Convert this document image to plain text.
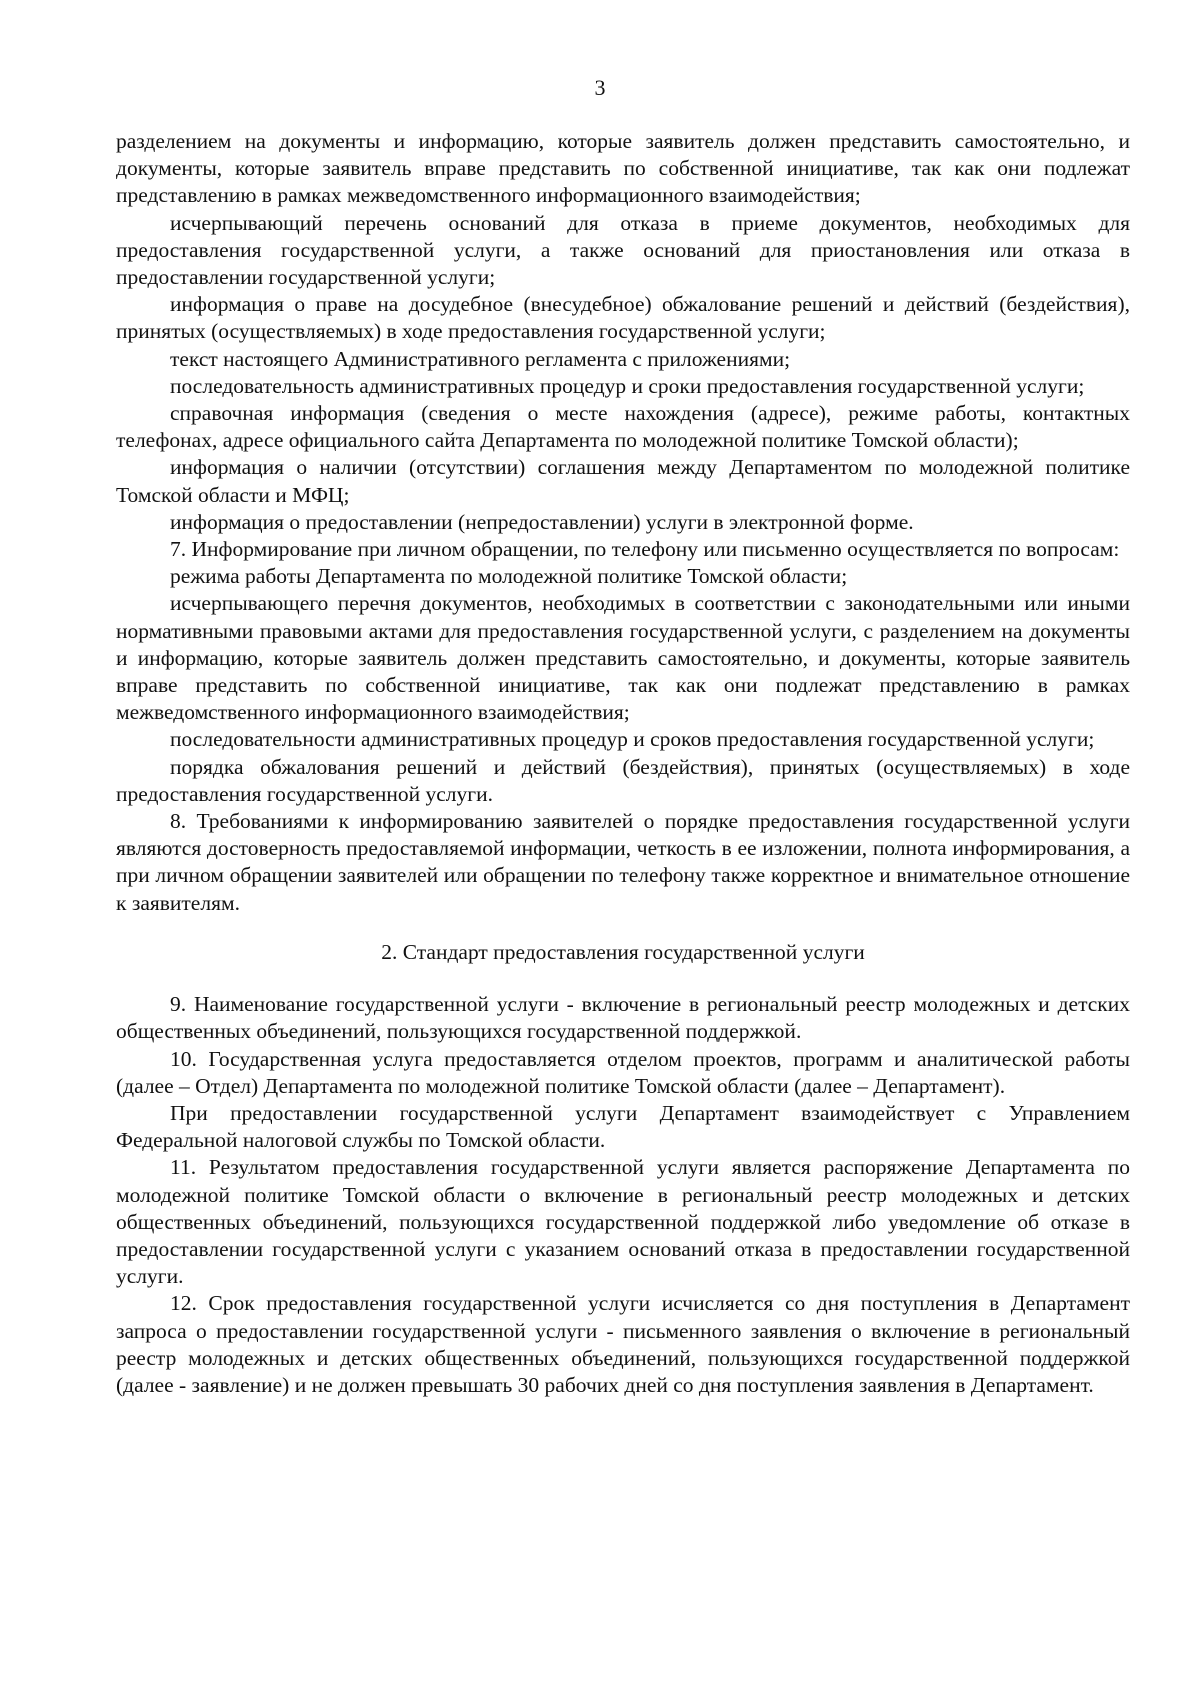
3

разделением на документы и информацию, которые заявитель должен представить самостоятельно, и документы, которые заявитель вправе представить по собственной инициативе, так как они подлежат представлению в рамках межведомственного информационного взаимодействия;

исчерпывающий перечень оснований для отказа в приеме документов, необходимых для предоставления государственной услуги, а также оснований для приостановления или отказа в предоставлении государственной услуги;

информация о праве на досудебное (внесудебное) обжалование решений и действий (бездействия), принятых (осуществляемых) в ходе предоставления государственной услуги;

текст настоящего Административного регламента с приложениями;

последовательность административных процедур и сроки предоставления государственной услуги;

справочная информация (сведения о месте нахождения (адресе), режиме работы, контактных телефонах, адресе официального сайта Департамента по молодежной политике Томской области);

информация о наличии (отсутствии) соглашения между Департаментом по молодежной политике Томской области и МФЦ;

информация о предоставлении (непредоставлении) услуги в электронной форме.

7. Информирование при личном обращении, по телефону или письменно осуществляется по вопросам:

режима работы Департамента по молодежной политике Томской области;

исчерпывающего перечня документов, необходимых в соответствии с законодательными или иными нормативными правовыми актами для предоставления государственной услуги, с разделением на документы и информацию, которые заявитель должен представить самостоятельно, и документы, которые заявитель вправе представить по собственной инициативе, так как они подлежат представлению в рамках межведомственного информационного взаимодействия;

последовательности административных процедур и сроков предоставления государственной услуги;

порядка обжалования решений и действий (бездействия), принятых (осуществляемых) в ходе предоставления государственной услуги.

8. Требованиями к информированию заявителей о порядке предоставления государственной услуги являются достоверность предоставляемой информации, четкость в ее изложении, полнота информирования, а при личном обращении заявителей или обращении по телефону также корректное и внимательное отношение к заявителям.

2. Стандарт предоставления государственной услуги

9. Наименование государственной услуги - включение в региональный реестр молодежных и детских общественных объединений, пользующихся государственной поддержкой.

10. Государственная услуга предоставляется отделом проектов, программ и аналитической работы (далее – Отдел) Департамента по молодежной политике Томской области (далее – Департамент).

При предоставлении государственной услуги Департамент взаимодействует с Управлением Федеральной налоговой службы по Томской области.

11. Результатом предоставления государственной услуги является распоряжение Департамента по молодежной политике Томской области о включение в региональный реестр молодежных и детских общественных объединений, пользующихся государственной поддержкой либо уведомление об отказе в предоставлении государственной услуги с указанием оснований отказа в предоставлении государственной услуги.

12. Срок предоставления государственной услуги исчисляется со дня поступления в Департамент запроса о предоставлении государственной услуги - письменного заявления о включение в региональный реестр молодежных и детских общественных объединений, пользующихся государственной поддержкой (далее - заявление) и не должен превышать 30 рабочих дней со дня поступления заявления в Департамент.
